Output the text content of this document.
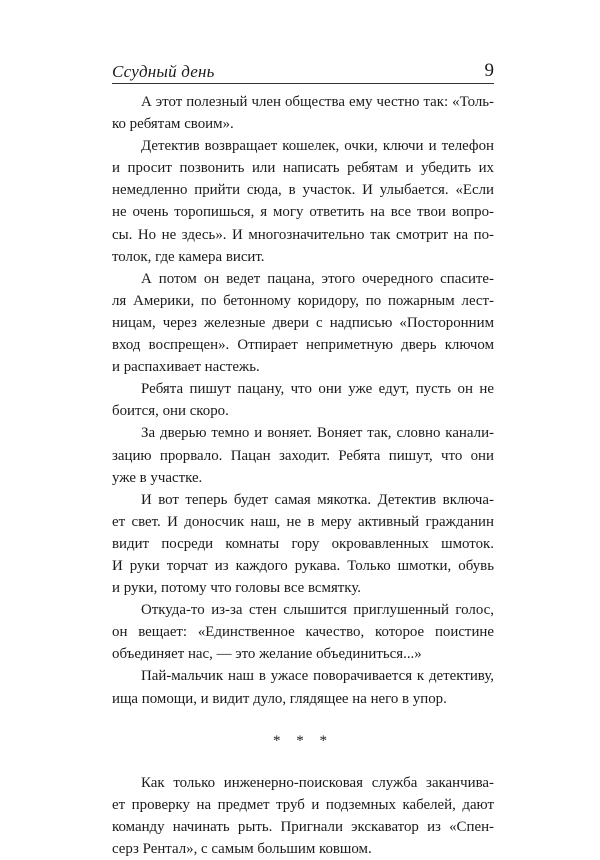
Ссудный день	9
А этот полезный член общества ему честно так: «Толь-
ко ребятам своим».
Детектив возвращает кошелек, очки, ключи и телефон
и просит позвонить или написать ребятам и убедить их
немедленно прийти сюда, в участок. И улыбается. «Если
не очень торопишься, я могу ответить на все твои вопро-
сы. Но не здесь». И многозначительно так смотрит на по-
толок, где камера висит.
А потом он ведет пацана, этого очередного спасите-
ля Америки, по бетонному коридору, по пожарным лест-
ницам, через железные двери с надписью «Посторонним
вход воспрещен». Отпирает неприметную дверь ключом
и распахивает настежь.
Ребята пишут пацану, что они уже едут, пусть он не
боится, они скоро.
За дверью темно и воняет. Воняет так, словно канали-
зацию прорвало. Пацан заходит. Ребята пишут, что они
уже в участке.
И вот теперь будет самая мякотка. Детектив включа-
ет свет. И доносчик наш, не в меру активный гражданин
видит посреди комнаты гору окровавленных шмоток.
И руки торчат из каждого рукава. Только шмотки, обувь
и руки, потому что головы все всмятку.
Откуда-то из-за стен слышится приглушенный голос,
он вещает: «Единственное качество, которое поистине
объединяет нас, — это желание объединиться...»
Пай-мальчик наш в ужасе поворачивается к детективу,
ища помощи, и видит дуло, глядящее на него в упор.
* * *
Как только инженерно-поисковая служба заканчива-
ет проверку на предмет труб и подземных кабелей, дают
команду начинать рыть. Пригнали экскаватор из «Спен-
серз Рентал», с самым большим ковшом.
